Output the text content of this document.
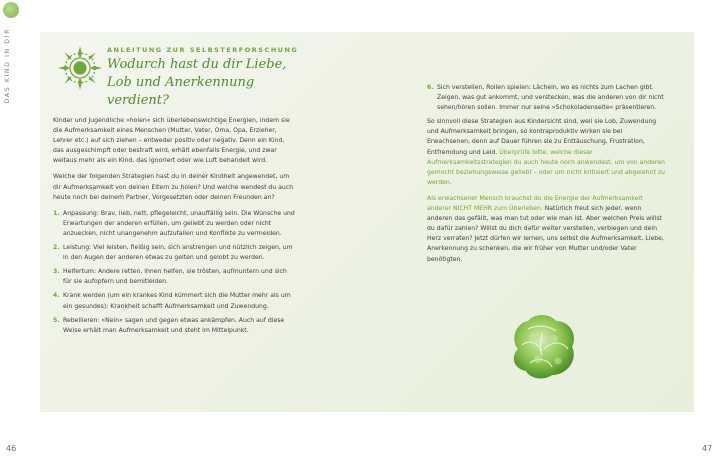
DAS KIND IN DIR	ANLEITUNG ZUR SELBSTERFORSCHUNG
Wodurch hast du dir Liebe, Lob und Anerkennung verdient?

Kinder und Jugendliche »holen« sich überlebenswichtige Energien, indem sie die Aufmerksamkeit eines Menschen (Mutter, Vater, Oma, Opa, Erzieher, Lehrer etc.) auf sich ziehen – entweder positiv oder negativ. Denn ein Kind, das ausgeschimpft oder bestraft wird, erhält ebenfalls Energie, und zwar weitaus mehr als ein Kind, das ignoriert oder wie Luft behandelt wird.

Welche der folgenden Strategien hast du in deiner Kindheit angewendet, um dir Aufmerksamkeit von deinen Eltern zu holen? Und welche wendest du auch heute noch bei deinem Partner, Vorgesetzten oder deinen Freunden an?

1. Anpassung: Brav, lieb, nett, pflegeleicht, unauffällig sein. Die Wünsche und Erwartungen der anderen erfüllen, um geliebt zu werden oder nicht anzuecken, nicht unangenehm aufzufallen und Konflikte zu vermeiden.
2. Leistung: Viel leisten, fleißig sein, sich anstrengen und nützlich zeigen, um in den Augen der anderen etwas zu gelten und gelobt zu werden.
3. Helfertum: Andere retten, ihnen helfen, sie trösten, aufmuntern und sich für sie aufopfern und bemitleiden.
4. Krank werden (um ein krankes Kind kümmert sich die Mutter mehr als um ein gesundes): Krankheit schafft Aufmerksamkeit und Zuwendung.
5. Rebellieren: »Nein« sagen und gegen etwas ankämpfen. Auch auf diese Weise erhält man Aufmerksamkeit und steht im Mittelpunkt.
6. Sich verstellen, Rollen spielen: Lächeln, wo es nichts zum Lachen gibt. Zeigen, was gut ankommt, und verstecken, was die anderen von dir nicht sehen/hören sollen. Immer nur seine »Schokoladenseite« präsentieren.

So sinnvoll diese Strategien aus Kindersicht sind, weil sie Lob, Zuwendung und Aufmerksamkeit bringen, so kontraproduktiv wirken sie bei Erwachsenen, denn auf Dauer führen sie zu Enttäuschung, Frustration, Entfremdung und Leid. Überprüfe bitte, welche dieser Aufmerksamkeitsstrategien du auch heute noch anwendest, um von anderen gemocht beziehungsweise geliebt – oder um nicht kritisiert und abgelehnt zu werden.

Als erwachsener Mensch brauchst du die Energie der Aufmerksamkeit anderer NICHT MEHR zum Überleben. Natürlich freut sich jeder, wenn anderen das gefällt, was man tut oder wie man ist. Aber welchen Preis willst du dafür zahlen? Willst du dich dafür weiter verstellen, verbiegen und dein Herz verraten? Jetzt dürfen wir lernen, uns selbst die Aufmerksamkeit, Liebe, Anerkennung zu schenken, die wir früher von Mutter und/oder Vater benötigten.

46	47
